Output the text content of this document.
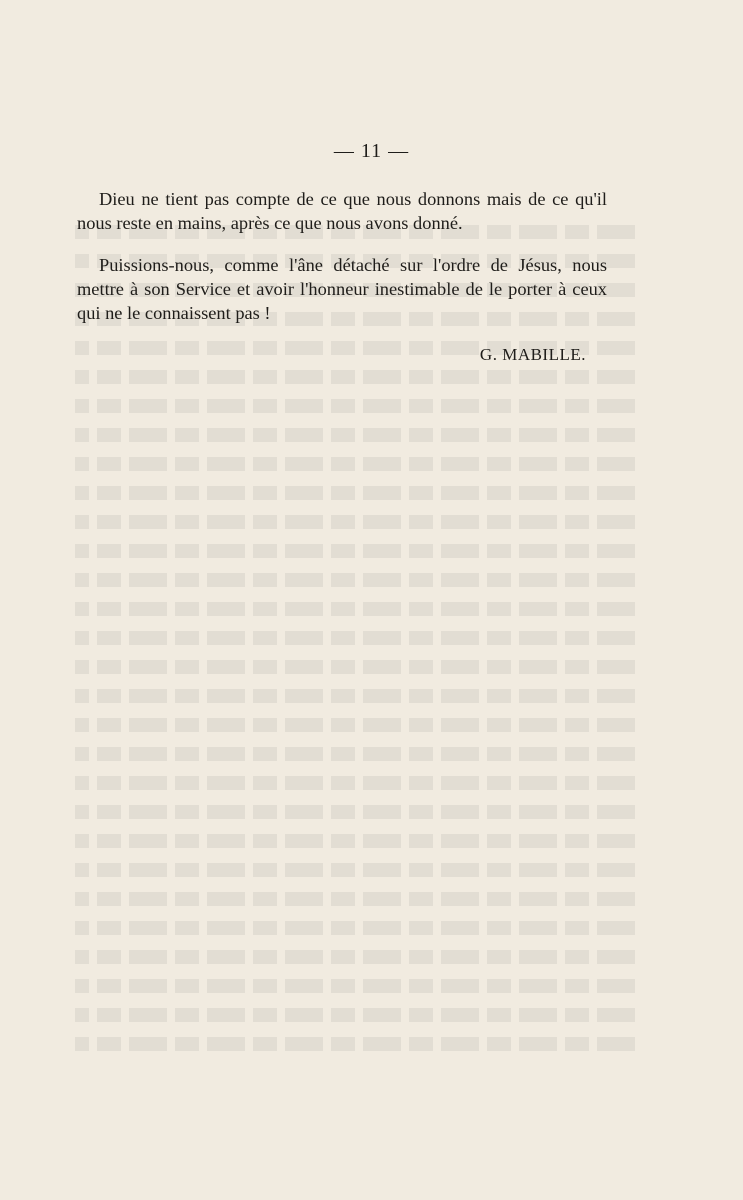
— 11 —

Dieu ne tient pas compte de ce que nous donnons mais de ce qu'il nous reste en mains, après ce que nous avons donné.

Puissions-nous, comme l'âne détaché sur l'ordre de Jésus, nous mettre à son Service et avoir l'honneur inestimable de le porter à ceux qui ne le connaissent pas !

G. MABILLE.
